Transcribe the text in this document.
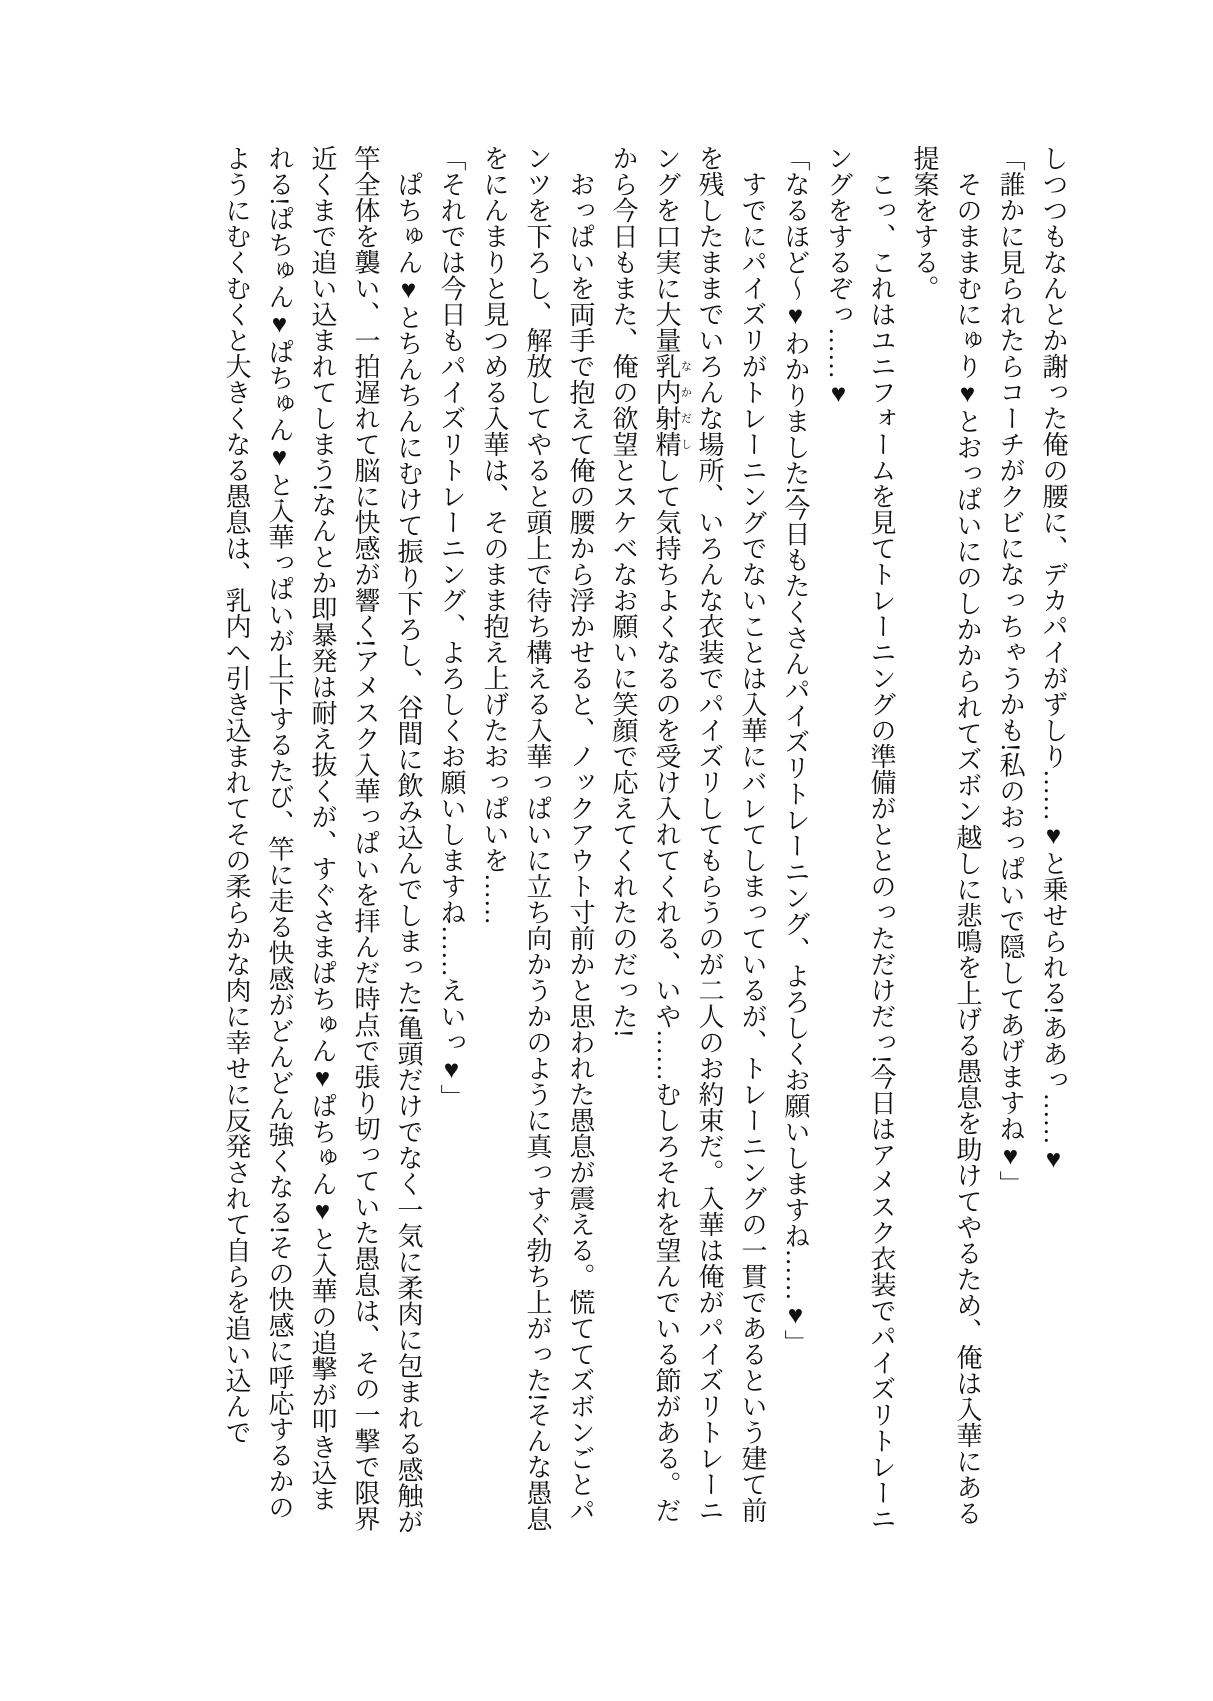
しつつもなんとか謝った俺の腰に、デカパイがずしり……♥と乗せられる!ああっ……♥

「誰かに見られたらコーチがクビになっちゃうかも!私のおっぱいで隠してあげますね♥」

そのままむにゅり♥とおっぱいにのしかかられてズボン越しに悲鳴を上げる愚息を助けてやるため、俺は入華にある提案をする。

こっ、これはユニフォームを見てトレーニングの準備がととのっただけだっ!今日はアメスク衣装でパイズリトレーニングをするぞっ……♥

「なるほど〜♥わかりました!今日もたくさんパイズリトレーニング、よろしくお願いしますね……♥」

すでにパイズリがトレーニングでないことは入華にバレてしまっているが、トレーニングの一貫であるという建て前を残したままでいろんな場所、いろんな衣装でパイズリしてもらうのが二人のお約束だ。入華は俺がパイズリトレーニングを口実に大量乳内射精なかだしして気持ちよくなるのを受け入れてくれる、いや……むしろそれを望んでいる節がある。だから今日もまた、俺の欲望とスケベなお願いに笑顔で応えてくれたのだった!

おっぱいを両手で抱えて俺の腰から浮かせると、ノックアウト寸前かと思われた愚息が震える。慌ててズボンごとパンツを下ろし、解放してやると頭上で待ち構える入華っぱいに立ち向かうかのように真っすぐ勃ち上がった!そんな愚息をにんまりと見つめる入華は、そのまま抱え上げたおっぱいを……

「それでは今日もパイズリトレーニング、よろしくお願いしますね……えいっ♥」

ぱちゅん♥とちんちんにむけて振り下ろし、谷間に飲み込んでしまった!亀頭だけでなく一気に柔肉に包まれる感触が竿全体を襲い、一拍遅れて脳に快感が響く!アメスク入華っぱいを拝んだ時点で張り切っていた愚息は、その一撃で限界近くまで追い込まれてしまう!なんとか即暴発は耐え抜くが、すぐさまぱちゅん♥ぱちゅん♥と入華の追撃が叩き込まれる!ぱちゅん♥ぱちゅん♥と入華っぱいが上下するたび、竿に走る快感がどんどん強くなる!その快感に呼応するかのようにむくむくと大きくなる愚息は、乳内へ引き込まれてその柔らかな肉に幸せに反発されて自らを追い込んで
